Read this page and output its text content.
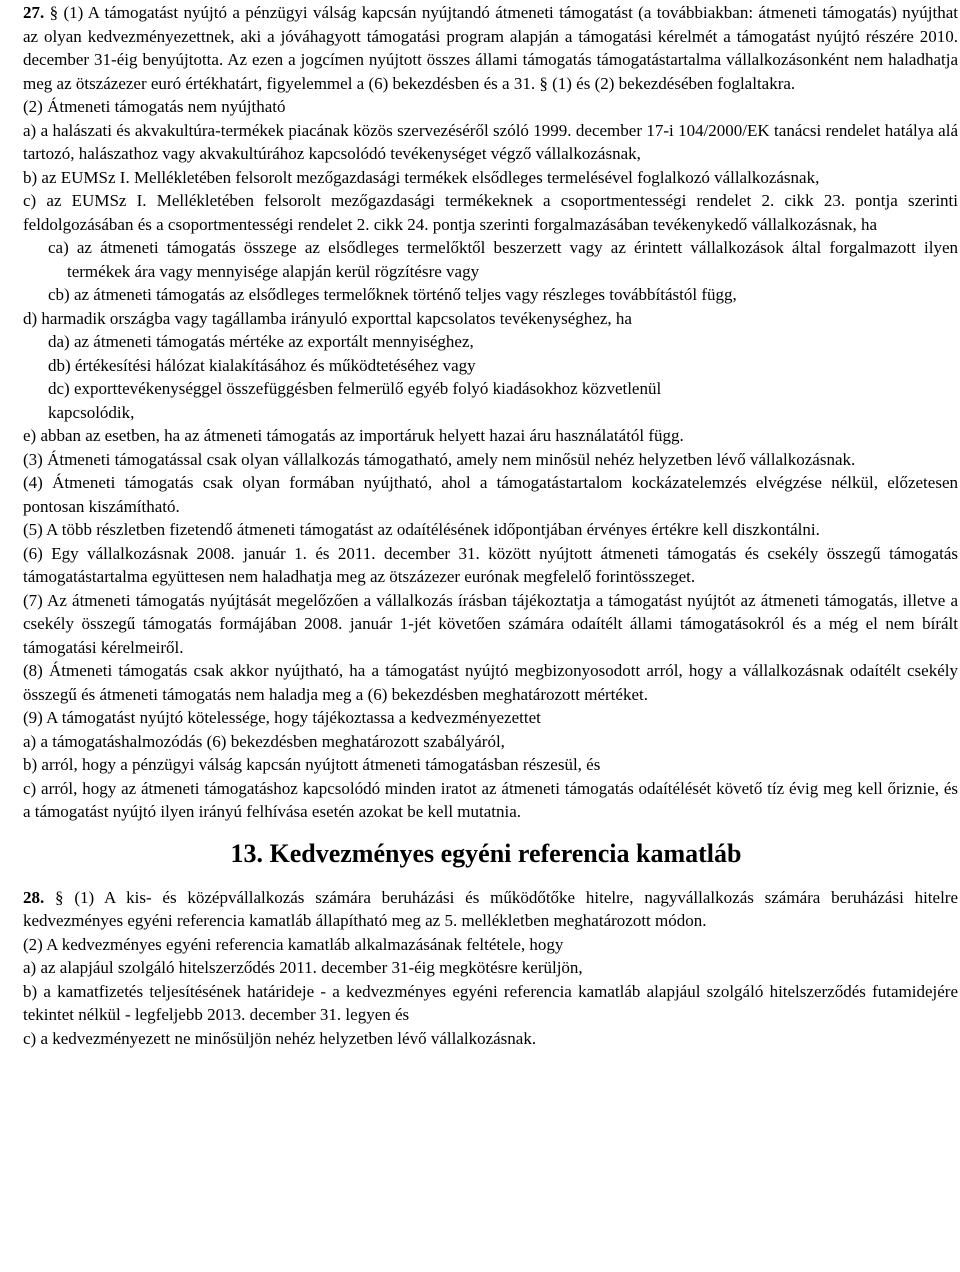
27. § (1) A támogatást nyújtó a pénzügyi válság kapcsán nyújtandó átmeneti támogatást (a továbbiakban: átmeneti támogatás) nyújthat az olyan kedvezményezettnek, aki a jóváhagyott támogatási program alapján a támogatási kérelmét a támogatást nyújtó részére 2010. december 31-éig benyújtotta. Az ezen a jogcímen nyújtott összes állami támogatás támogatástartalma vállalkozásonként nem haladhatja meg az ötszázezer euró értékhatárt, figyelemmel a (6) bekezdésben és a 31. § (1) és (2) bekezdésében foglaltakra.

(2) Átmeneti támogatás nem nyújtható

a) a halászati és akvakultúra-termékek piacának közös szervezéséről szóló 1999. december 17-i 104/2000/EK tanácsi rendelet hatálya alá tartozó, halászathoz vagy akvakultúrához kapcsolódó tevékenységet végző vállalkozásnak,

b) az EUMSz I. Mellékletében felsorolt mezőgazdasági termékek elsődleges termelésével foglalkozó vállalkozásnak,

c) az EUMSz I. Mellékletében felsorolt mezőgazdasági termékeknek a csoportmentességi rendelet 2. cikk 23. pontja szerinti feldolgozásában és a csoportmentességi rendelet 2. cikk 24. pontja szerinti forgalmazásában tevékenykedő vállalkozásnak, ha

ca) az átmeneti támogatás összege az elsődleges termelőktől beszerzett vagy az érintett vállalkozások által forgalmazott ilyen termékek ára vagy mennyisége alapján kerül rögzítésre vagy

cb) az átmeneti támogatás az elsődleges termelőknek történő teljes vagy részleges továbbítástól függ,

d) harmadik országba vagy tagállamba irányuló exporttal kapcsolatos tevékenységhez, ha

da) az átmeneti támogatás mértéke az exportált mennyiséghez,

db) értékesítési hálózat kialakításához és működtetéséhez vagy

dc) exporttevékenységgel összefüggésben felmerülő egyéb folyó kiadásokhoz közvetlenül kapcsolódik,

e) abban az esetben, ha az átmeneti támogatás az importáruk helyett hazai áru használatától függ.

(3) Átmeneti támogatással csak olyan vállalkozás támogatható, amely nem minősül nehéz helyzetben lévő vállalkozásnak.

(4) Átmeneti támogatás csak olyan formában nyújtható, ahol a támogatástartalom kockázatelemzés elvégzése nélkül, előzetesen pontosan kiszámítható.

(5) A több részletben fizetendő átmeneti támogatást az odaítélésének időpontjában érvényes értékre kell diszkontálni.

(6) Egy vállalkozásnak 2008. január 1. és 2011. december 31. között nyújtott átmeneti támogatás és csekély összegű támogatás támogatástartalma együttesen nem haladhatja meg az ötszázezer eurónak megfelelő forintösszeget.

(7) Az átmeneti támogatás nyújtását megelőzően a vállalkozás írásban tájékoztatja a támogatást nyújtót az átmeneti támogatás, illetve a csekély összegű támogatás formájában 2008. január 1-jét követően számára odaítélt állami támogatásokról és a még el nem bírált támogatási kérelmeiről.

(8) Átmeneti támogatás csak akkor nyújtható, ha a támogatást nyújtó megbizonyosodott arról, hogy a vállalkozásnak odaítélt csekély összegű és átmeneti támogatás nem haladja meg a (6) bekezdésben meghatározott mértéket.

(9) A támogatást nyújtó kötelessége, hogy tájékoztassa a kedvezményezettet

a) a támogatáshalmozódás (6) bekezdésben meghatározott szabályáról,

b) arról, hogy a pénzügyi válság kapcsán nyújtott átmeneti támogatásban részesül, és

c) arról, hogy az átmeneti támogatáshoz kapcsolódó minden iratot az átmeneti támogatás odaítélését követő tíz évig meg kell őriznie, és a támogatást nyújtó ilyen irányú felhívása esetén azokat be kell mutatnia.

13. Kedvezményes egyéni referencia kamatláb

28. § (1) A kis- és középvállalkozás számára beruházási és működőtőke hitelre, nagyvállalkozás számára beruházási hitelre kedvezményes egyéni referencia kamatláb állapítható meg az 5. mellékletben meghatározott módon.

(2) A kedvezményes egyéni referencia kamatláb alkalmazásának feltétele, hogy

a) az alapjául szolgáló hitelszerződés 2011. december 31-éig megkötésre kerüljön,

b) a kamatfizetés teljesítésének határideje - a kedvezményes egyéni referencia kamatláb alapjául szolgáló hitelszerződés futamidejére tekintet nélkül - legfeljebb 2013. december 31. legyen és

c) a kedvezményezett ne minősüljön nehéz helyzetben lévő vállalkozásnak.
